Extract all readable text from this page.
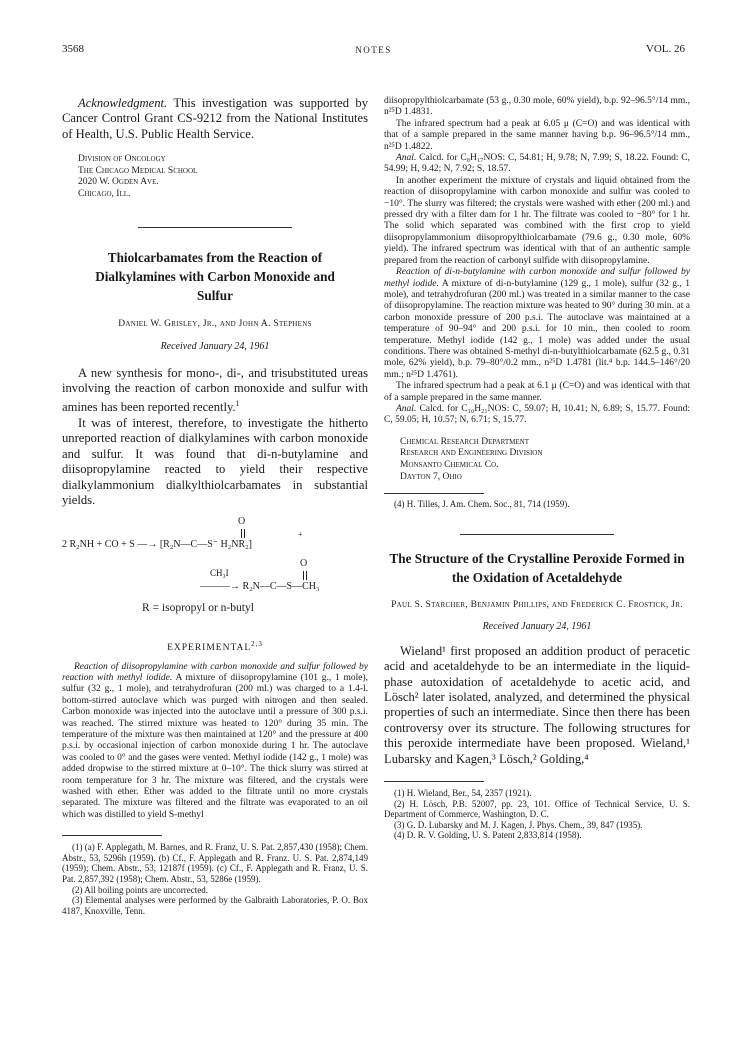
3568	NOTES	VOL. 26

Acknowledgment. This investigation was supported by Cancer Control Grant CS-9212 from the National Institutes of Health, U.S. Public Health Service.

Division of Oncology
The Chicago Medical School
2020 W. Ogden Ave.
Chicago, Ill.
Thiolcarbamates from the Reaction of Dialkylamines with Carbon Monoxide and Sulfur
Daniel W. Grisley, Jr., and John A. Stephens
Received January 24, 1961

A new synthesis for mono-, di-, and trisubstituted ureas involving the reaction of carbon monoxide and sulfur with amines has been reported recently.$^1$

It was of interest, therefore, to investigate the hitherto unreported reaction of dialkylamines with carbon monoxide and sulfur. It was found that di-n-butylamine and diisopropylamine reacted to yield their respective dialkylammonium dialkylthiolcarbamates in substantial yields.

O
2 R₂NH + CO + S —→ [R₂N—C—S⁻ H₂NR₂]
+
O
CH₃I
———→ R₂N—C—S—CH₃
R = isopropyl or n-butyl
EXPERIMENTAL$^{2,3}$

Reaction of diisopropylamine with carbon monoxide and sulfur followed by reaction with methyl iodide. A mixture of diisopropylamine (101 g., 1 mole), sulfur (32 g., 1 mole), and tetrahydrofuran (200 ml.) was charged to a 1.4-l. bottom-stirred autoclave which was purged with nitrogen and then sealed. Carbon monoxide was injected into the autoclave until a pressure of 300 p.s.i. was reached. The stirred mixture was heated to 120° during 35 min. The temperature of the mixture was then maintained at 120° and the pressure at 400 p.s.i. by occasional injection of carbon monoxide during 1 hr. The autoclave was cooled to 0° and the gases were vented. Methyl iodide (142 g., 1 mole) was added dropwise to the stirred mixture at 0–10°. The thick slurry was stirred at room temperature for 3 hr. The mixture was filtered, and the crystals were washed with ether. Ether was added to the filtrate until no more crystals separated. The mixture was filtered and the filtrate was evaporated to an oil which was distilled to yield S-methyl

(1) (a) F. Applegath, M. Barnes, and R. Franz, U. S. Pat. 2,857,430 (1958); Chem. Abstr., 53, 5296h (1959). (b) Cf., F. Applegath and R. Franz. U. S. Pat. 2,874,149 (1959); Chem. Abstr., 53, 12187f (1959). (c) Cf., F. Applegath and R. Franz, U. S. Pat. 2,857,392 (1958); Chem. Abstr., 53, 5286e (1959).

(2) All boiling points are uncorrected.

(3) Elemental analyses were performed by the Galbraith Laboratories, P. O. Box 4187, Knoxville, Tenn.

diisopropylthiolcarbamate (53 g., 0.30 mole, 60% yield), b.p. 92–96.5°/14 mm., n²⁵D 1.4831.

The infrared spectrum had a peak at 6.05 μ (C=O) and was identical with that of a sample prepared in the same manner having b.p. 96–96.5°/14 mm., n²⁵D 1.4822.

Anal. Calcd. for C₈H₁₇NOS: C, 54.81; H, 9.78; N, 7.99; S, 18.22. Found: C, 54.99; H, 9.42; N, 7.92; S, 18.57.

In another experiment the mixture of crystals and liquid obtained from the reaction of diisopropylamine with carbon monoxide and sulfur was cooled to −10°. The slurry was filtered; the crystals were washed with ether (200 ml.) and pressed dry with a filter dam for 1 hr. The filtrate was cooled to −80° for 1 hr. The solid which separated was combined with the first crop to yield diisopropylammonium diisopropylthiolcarbamate (79.6 g., 0.30 mole, 60% yield). The infrared spectrum was identical with that of an authentic sample prepared from the reaction of carbonyl sulfide with diisopropylamine.

Reaction of di-n-butylamine with carbon monoxide and sulfur followed by methyl iodide. A mixture of di-n-butylamine (129 g., 1 mole), sulfur (32 g., 1 mole), and tetrahydrofuran (200 ml.) was treated in a similar manner to the case of diisopropylamine. The reaction mixture was heated to 90° during 30 min. at a carbon monoxide pressure of 200 p.s.i. The autoclave was maintained at a temperature of 90–94° and 200 p.s.i. for 10 min., then cooled to room temperature. Methyl iodide (142 g., 1 mole) was added under the usual conditions. There was obtained S-methyl di-n-butylthiolcarbamate (62.5 g., 0.31 mole, 62% yield), b.p. 79–80°/0.2 mm., n²⁵D 1.4781 (lit.⁴ b.p. 144.5–146°/20 mm.; n²⁵D 1.4761).

The infrared spectrum had a peak at 6.1 μ (C=O) and was identical with that of a sample prepared in the same manner.

Anal. Calcd. for C₁₀H₂₁NOS: C, 59.07; H, 10.41; N, 6.89; S, 15.77. Found: C, 59.05; H, 10.57; N, 6.71; S, 15.77.

Chemical Research Department
Research and Engineering Division
Monsanto Chemical Co.
Dayton 7, Ohio

(4) H. Tilles, J. Am. Chem. Soc., 81, 714 (1959).

The Structure of the Crystalline Peroxide Formed in the Oxidation of Acetaldehyde
Paul S. Starcher, Benjamin Phillips, and Frederick C. Frostick, Jr.
Received January 24, 1961

Wieland¹ first proposed an addition product of peracetic acid and acetaldehyde to be an intermediate in the liquid-phase autoxidation of acetaldehyde to acetic acid, and Lösch² later isolated, analyzed, and determined the physical properties of such an intermediate. Since then there has been controversy over its structure. The following structures for this peroxide intermediate have been proposed. Wieland,¹ Lubarsky and Kagen,³ Lösch,² Golding,⁴

(1) H. Wieland, Ber., 54, 2357 (1921).

(2) H. Lösch, P.B. 52007, pp. 23, 101. Office of Technical Service, U. S. Department of Commerce, Washington, D. C.

(3) G. D. Lubarsky and M. J. Kagen, J. Phys. Chem., 39, 847 (1935).

(4) D. R. V. Golding, U. S. Patent 2,833,814 (1958).
